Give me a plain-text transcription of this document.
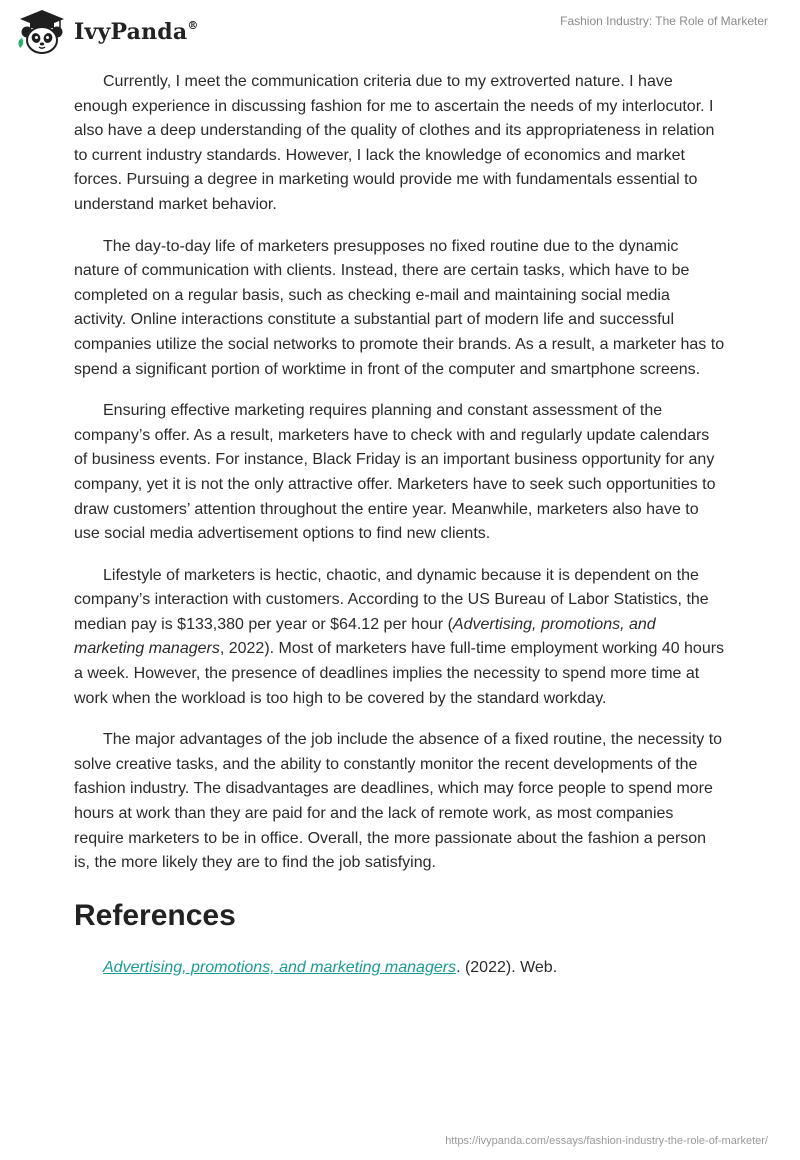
IvyPanda®	Fashion Industry: The Role of Marketer

Currently, I meet the communication criteria due to my extroverted nature. I have enough experience in discussing fashion for me to ascertain the needs of my interlocutor. I also have a deep understanding of the quality of clothes and its appropriateness in relation to current industry standards. However, I lack the knowledge of economics and market forces. Pursuing a degree in marketing would provide me with fundamentals essential to understand market behavior.

The day-to-day life of marketers presupposes no fixed routine due to the dynamic nature of communication with clients. Instead, there are certain tasks, which have to be completed on a regular basis, such as checking e-mail and maintaining social media activity. Online interactions constitute a substantial part of modern life and successful companies utilize the social networks to promote their brands. As a result, a marketer has to spend a significant portion of worktime in front of the computer and smartphone screens.

Ensuring effective marketing requires planning and constant assessment of the company’s offer. As a result, marketers have to check with and regularly update calendars of business events. For instance, Black Friday is an important business opportunity for any company, yet it is not the only attractive offer. Marketers have to seek such opportunities to draw customers’ attention throughout the entire year. Meanwhile, marketers also have to use social media advertisement options to find new clients.

Lifestyle of marketers is hectic, chaotic, and dynamic because it is dependent on the company’s interaction with customers. According to the US Bureau of Labor Statistics, the median pay is $133,380 per year or $64.12 per hour (Advertising, promotions, and marketing managers, 2022). Most of marketers have full-time employment working 40 hours a week. However, the presence of deadlines implies the necessity to spend more time at work when the workload is too high to be covered by the standard workday.

The major advantages of the job include the absence of a fixed routine, the necessity to solve creative tasks, and the ability to constantly monitor the recent developments of the fashion industry. The disadvantages are deadlines, which may force people to spend more hours at work than they are paid for and the lack of remote work, as most companies require marketers to be in office. Overall, the more passionate about the fashion a person is, the more likely they are to find the job satisfying.

References
Advertising, promotions, and marketing managers. (2022). Web.
https://ivypanda.com/essays/fashion-industry-the-role-of-marketer/
